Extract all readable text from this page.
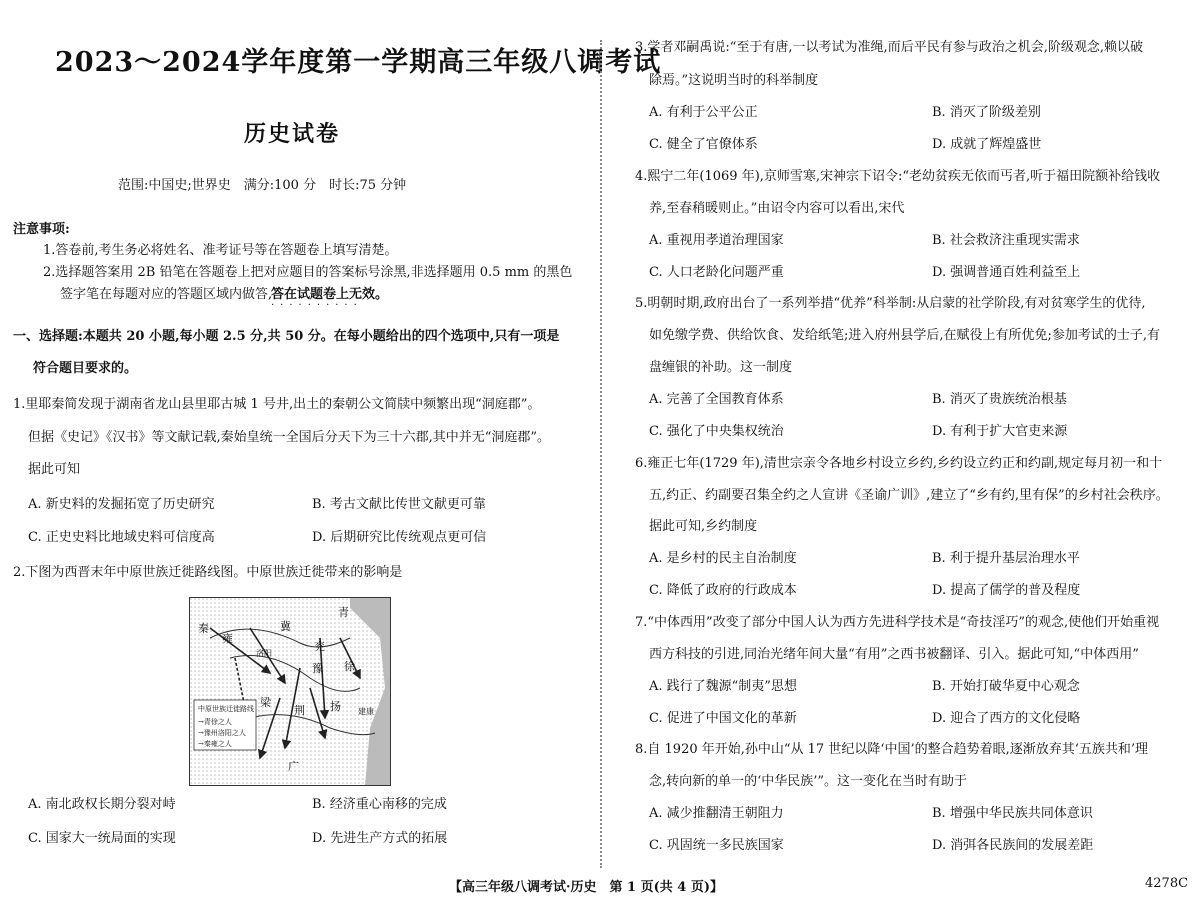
2023～2024学年度第一学期高三年级八调考试
历史试卷
范围:中国史;世界史　满分:100 分　时长:75 分钟
注意事项:
1.答卷前,考生务必将姓名、准考证号等在答题卷上填写清楚。
2.选择题答案用 2B 铅笔在答题卷上把对应题目的答案标号涂黑,非选择题用 0.5 mm 的黑色
签字笔在每题对应的答题区域内做答,
答在试题卷上无效。
··········
一、选择题:本题共 20 小题,每小题 2.5 分,共 50 分。在每小题给出的四个选项中,只有一项是
符合题目要求的。
1.里耶秦简发现于湖南省龙山县里耶古城 1 号井,出土的秦朝公文简牍中频繁出现“洞庭郡”。
但据《史记》《汉书》等文献记载,秦始皇统一全国后分天下为三十六郡,其中并无“洞庭郡”。
据此可知
A. 新史料的发掘拓宽了历史研究	B. 考古文献比传世文献更可靠
C. 正史史料比地域史料可信度高	D. 后期研究比传统观点更可信
2.下图为西晋末年中原世族迁徙路线图。中原世族迁徙带来的影响是
秦
雍
冀
青
豫
兖
徐
荆 扬
广
梁
洛阳
建康
中原世族迁徙路线
→青徐之人
→豫州洛阳之人
→秦雍之人
A. 南北政权长期分裂对峙	B. 经济重心南移的完成
C. 国家大一统局面的实现	D. 先进生产方式的拓展
3.学者邓嗣禹说:“至于有唐,一以考试为准绳,而后平民有参与政治之机会,阶级观念,赖以破
除焉。”这说明当时的科举制度
A. 有利于公平公正	B. 消灭了阶级差别
C. 健全了官僚体系	D. 成就了辉煌盛世
4.熙宁二年(1069 年),京师雪寒,宋神宗下诏令:“老幼贫疾无依而丐者,听于福田院额补给钱收
养,至春稍暖则止。”由诏令内容可以看出,宋代
A. 重视用孝道治理国家	B. 社会救济注重现实需求
C. 人口老龄化问题严重	D. 强调普通百姓利益至上
5.明朝时期,政府出台了一系列举措“优养”科举制:从启蒙的社学阶段,有对贫寒学生的优待,
如免缴学费、供给饮食、发给纸笔;进入府州县学后,在赋役上有所优免;参加考试的士子,有
盘缠银的补助。这一制度
A. 完善了全国教育体系	B. 消灭了贵族统治根基
C. 强化了中央集权统治	D. 有利于扩大官吏来源
6.雍正七年(1729 年),清世宗亲令各地乡村设立乡约,乡约设立约正和约副,规定每月初一和十
五,约正、约副要召集全约之人宣讲《圣谕广训》,建立了“乡有约,里有保”的乡村社会秩序。
据此可知,乡约制度
A. 是乡村的民主自治制度	B. 利于提升基层治理水平
C. 降低了政府的行政成本	D. 提高了儒学的普及程度
7.“中体西用”改变了部分中国人认为西方先进科学技术是“奇技淫巧”的观念,使他们开始重视
西方科技的引进,同治光绪年间大量“有用”之西书被翻译、引入。据此可知,“中体西用”
A. 践行了魏源“制夷”思想	B. 开始打破华夏中心观念
C. 促进了中国文化的革新	D. 迎合了西方的文化侵略
8.自 1920 年开始,孙中山“从 17 世纪以降‘中国’的整合趋势着眼,逐渐放弃其‘五族共和’理
念,转向新的单一的‘中华民族’”。这一变化在当时有助于
A. 减少推翻清王朝阻力	B. 增强中华民族共同体意识
C. 巩固统一多民族国家	D. 消弭各民族间的发展差距
【高三年级八调考试·历史　第 1 页(共 4 页)】	4278C
